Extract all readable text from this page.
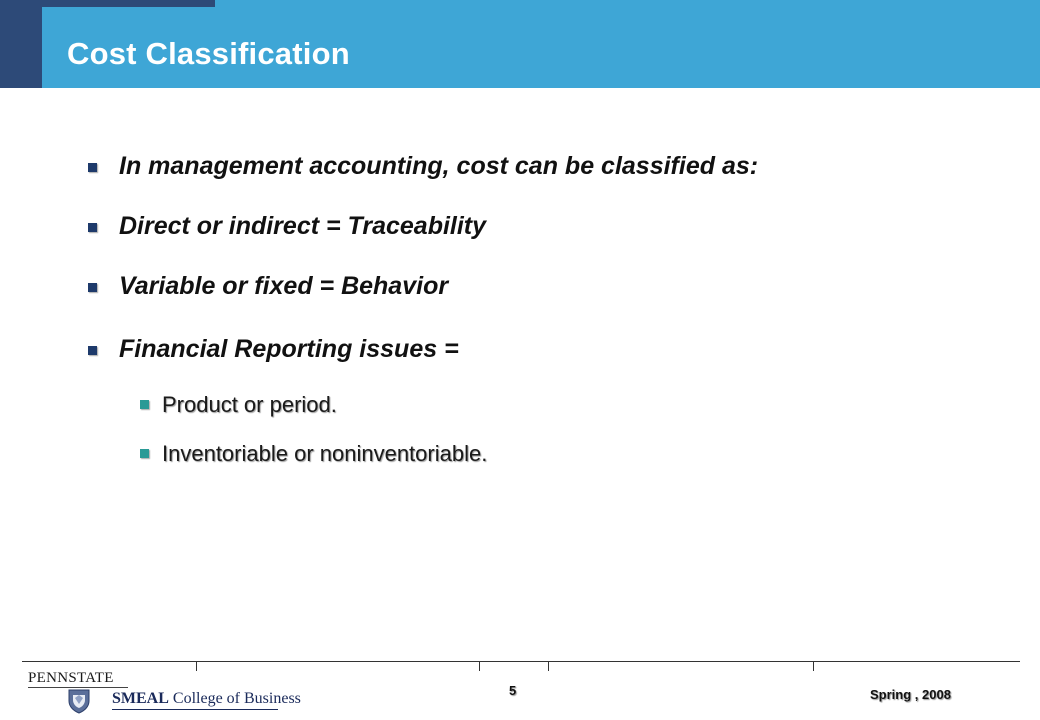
Cost Classification
In management accounting, cost can be classified as:
Direct or indirect = Traceability
Variable or fixed = Behavior
Financial Reporting issues =
Product or period.
Inventoriable or noninventoriable.
PENNSTATE
SMEAL College of Business	5	Spring , 2008
